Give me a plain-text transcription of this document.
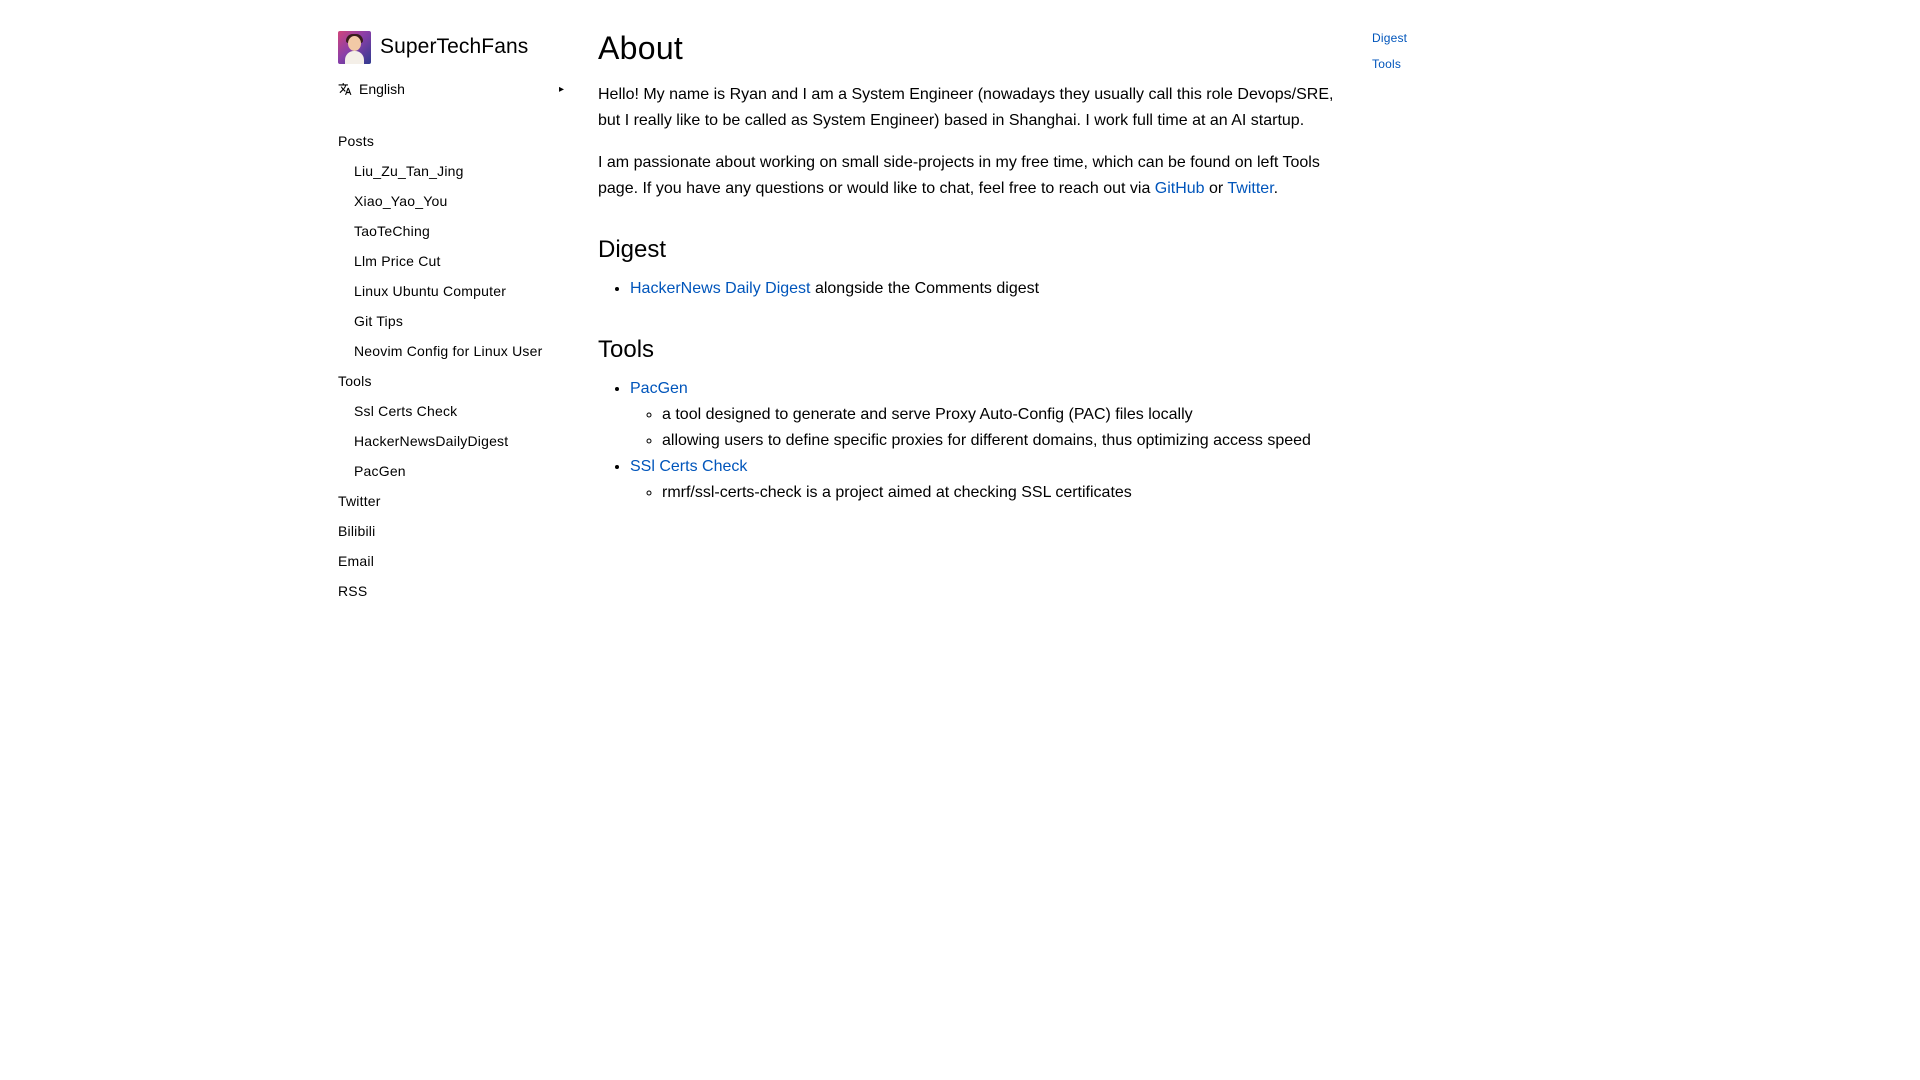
SuperTechFans
English	▸
Posts
Liu_Zu_Tan_Jing
Xiao_Yao_You
TaoTeChing
Llm Price Cut
Linux Ubuntu Computer
Git Tips
Neovim Config for Linux User
Tools
Ssl Certs Check
HackerNewsDailyDigest
PacGen
Twitter
Bilibili
Email
RSS
About

Hello! My name is Ryan and I am a System Engineer (nowadays they usually call this role Devops/SRE, but I really like to be called as System Engineer) based in Shanghai. I work full time at an AI startup.

I am passionate about working on small side-projects in my free time, which can be found on left Tools page. If you have any questions or would like to chat, feel free to reach out via GitHub or Twitter.

Digest
• HackerNews Daily Digest alongside the Comments digest
Tools
• PacGen
◦ a tool designed to generate and serve Proxy Auto-Config (PAC) files locally
◦ allowing users to define specific proxies for different domains, thus optimizing access speed
• SSl Certs Check
◦ rmrf/ssl-certs-check is a project aimed at checking SSL certificates
Digest
Tools
